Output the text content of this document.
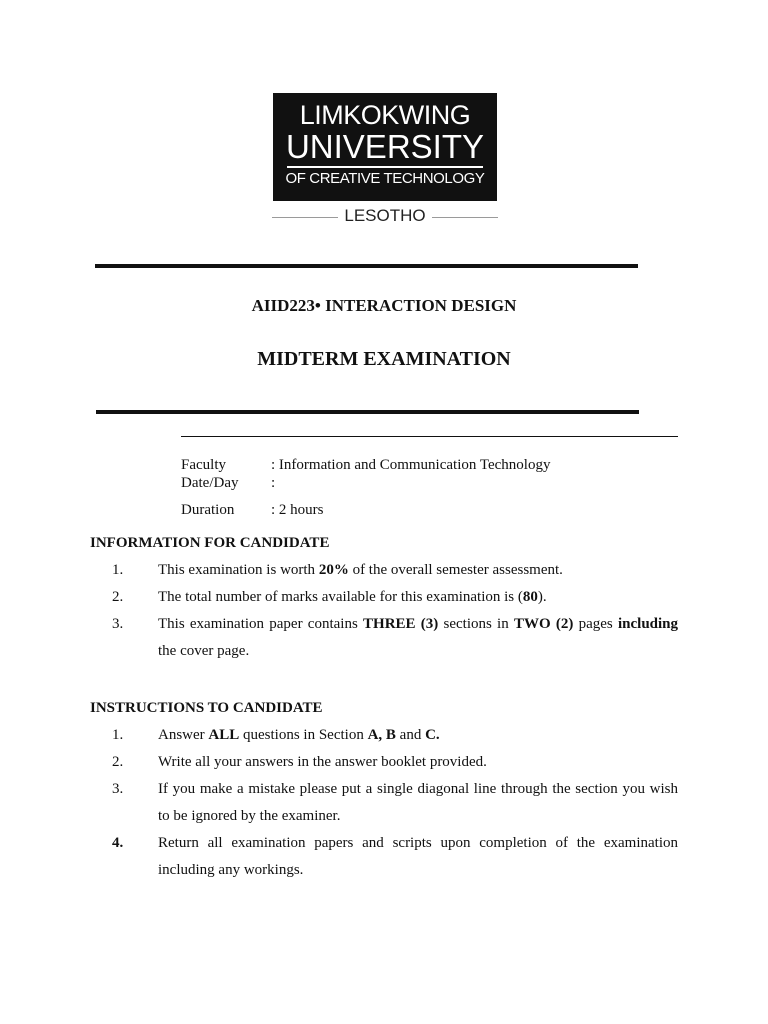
LIMKOKWING
UNIVERSITY
OF CREATIVE TECHNOLOGY
LESOTHO
AIID223• INTERACTION DESIGN
MIDTERM EXAMINATION
Faculty	: Information and Communication Technology
Date/Day :
Duration : 2 hours
INFORMATION FOR CANDIDATE
1.	This examination is worth 20% of the overall semester assessment.
2.	The total number of marks available for this examination is (80).
3.	This examination paper contains THREE (3) sections in TWO (2) pages including the cover page.
INSTRUCTIONS TO CANDIDATE
1.	Answer ALL questions in Section A, B and C.
2.	Write all your answers in the answer booklet provided.
3.	If you make a mistake please put a single diagonal line through the section you wish to be ignored by the examiner.
4.	Return all examination papers and scripts upon completion of the examination including any workings.
